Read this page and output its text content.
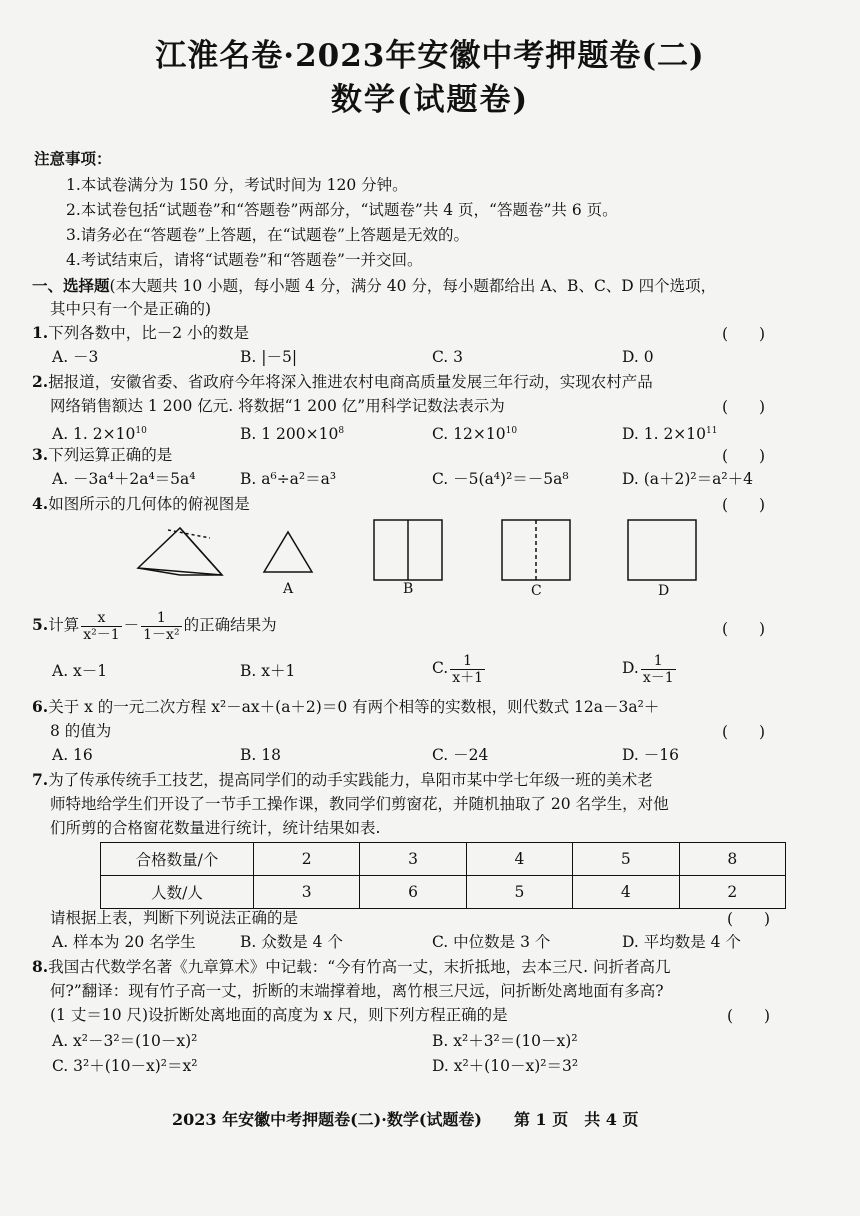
江淮名卷·2023年安徽中考押题卷(二)
数学(试题卷)
注意事项：
1.本试卷满分为 150 分，考试时间为 120 分钟。
2.本试卷包括“试题卷”和“答题卷”两部分，“试题卷”共 4 页，“答题卷”共 6 页。
3.请务必在“答题卷”上答题，在“试题卷”上答题是无效的。
4.考试结束后，请将“试题卷”和“答题卷”一并交回。
一、选择题(本大题共 10 小题，每小题 4 分，满分 40 分，每小题都给出 A、B、C、D 四个选项，
其中只有一个是正确的)
1.下列各数中，比－2 小的数是	(　　)
A. －3	B. |－5|	C. 3	D. 0
2.据报道，安徽省委、省政府今年将深入推进农村电商高质量发展三年行动，实现农村产品
网络销售额达 1 200 亿元. 将数据“1 200 亿”用科学记数法表示为	(　　)
A. 1. $2\times 10^{10}$	B. 1 $200\times 10^8$	C. $12\times 10^{10}$	D. 1. $2\times 10^{11}$
3.下列运算正确的是	(　　)
A. －3a⁴＋2a⁴＝5a⁴	B. a⁶÷a²＝a³	C. －5(a⁴)²＝－5a⁸	D. (a＋2)²＝a²＋4
4.如图所示的几何体的俯视图是	(　　)
A	B	C	D
5.计算 $\frac{x}{\text{x²－1}} - \frac{1}{\text{1－x²}}$ 的正确结果为	(　　)
A. x－1	B. x＋1	C. $\frac{1}{x+1}$	D. $\frac{1}{x-1}$
6.关于 x 的一元二次方程 x²－ax＋(a＋2)＝0 有两个相等的实数根，则代数式 12a－3a²＋
8 的值为	(　　)
A. 16	B. 18	C. －24	D. －16
7.为了传承传统手工技艺，提高同学们的动手实践能力，阜阳市某中学七年级一班的美术老
师特地给学生们开设了一节手工操作课，教同学们剪窗花，并随机抽取了 20 名学生，对他
们所剪的合格窗花数量进行统计，统计结果如表.
合格数量/个	2	3	4	5	8
人数/人	3	6	5	4	2
请根据上表，判断下列说法正确的是	(　　)
A. 样本为 20 名学生	B. 众数是 4 个	C. 中位数是 3 个	D. 平均数是 4 个
8.我国古代数学名著《九章算术》中记载：“今有竹高一丈，末折抵地，去本三尺. 问折者高几
何?”翻译：现有竹子高一丈，折断的末端撑着地，离竹根三尺远，问折断处离地面有多高?
(1 丈＝10 尺)设折断处离地面的高度为 x 尺，则下列方程正确的是	(　　)
A. x²－3²＝(10－x)²	B. x²＋3²＝(10－x)²
C. 3²＋(10－x)²＝x²	D. x²＋(10－x)²＝3²
2023 年安徽中考押题卷(二)·数学(试题卷)　　第 1 页　共 4 页
